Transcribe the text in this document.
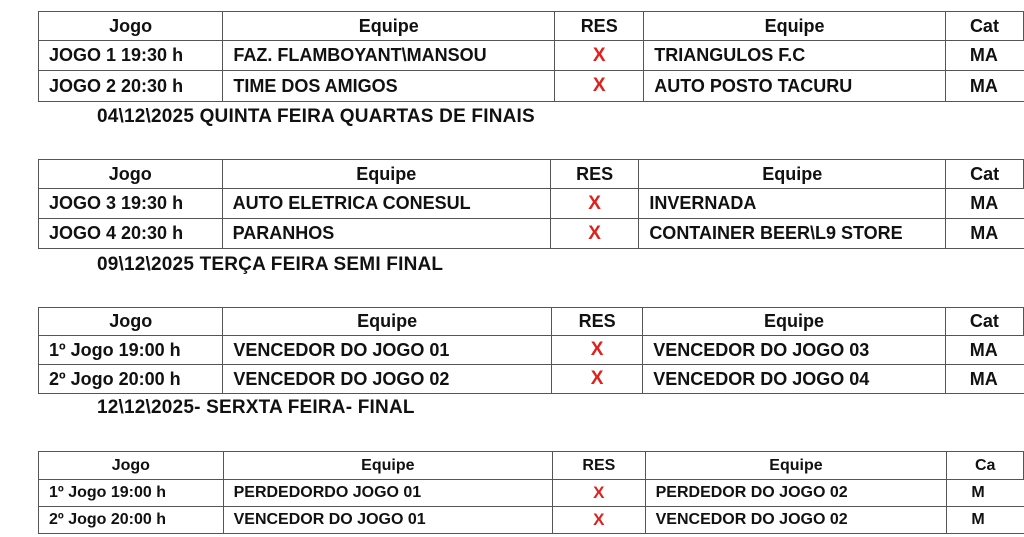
Jogo	Equipe	RES	Equipe	Cat
JOGO 1 19:30 h	FAZ. FLAMBOYANT\MANSOU	X	TRIANGULOS F.C	MA
JOGO 2 20:30 h	TIME DOS AMIGOS	X	AUTO POSTO TACURU	MA
Jogo	Equipe	RES	Equipe	Cat
JOGO 3 19:30 h	AUTO ELETRICA CONESUL	X	INVERNADA	MA
JOGO 4 20:30 h	PARANHOS	X	CONTAINER BEER\L9 STORE	MA
Jogo	Equipe	RES	Equipe	Cat
1º Jogo 19:00 h	VENCEDOR DO JOGO 01	X	VENCEDOR DO JOGO 03	MA
2º Jogo 20:00 h	VENCEDOR DO JOGO 02	X	VENCEDOR DO JOGO 04	MA
Jogo	Equipe	RES	Equipe	Ca
1º Jogo 19:00 h	PERDEDORDO JOGO 01	X	PERDEDOR DO JOGO 02	M
2º Jogo 20:00 h	VENCEDOR DO JOGO 01	X	VENCEDOR DO JOGO 02	M
04\12\2025 QUINTA FEIRA QUARTAS DE FINAIS
09\12\2025 TERÇA FEIRA SEMI FINAL
12\12\2025- SERXTA FEIRA- FINAL
